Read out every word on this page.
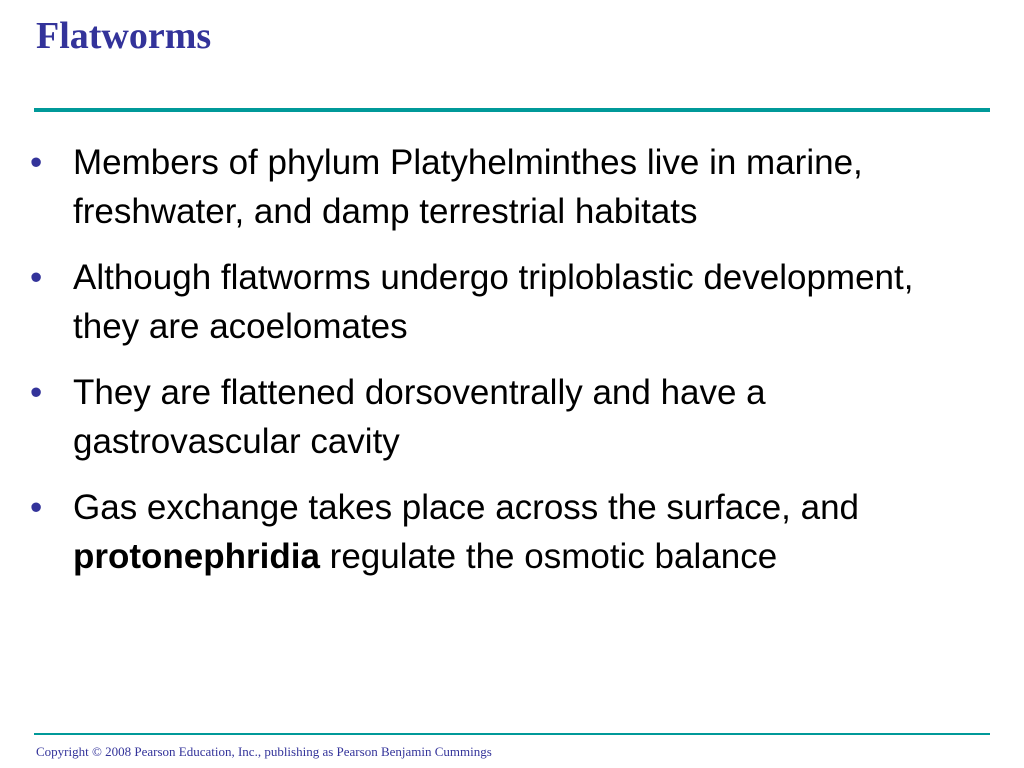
Flatworms
• Members of phylum Platyhelminthes live in marine, freshwater, and damp terrestrial habitats
• Although flatworms undergo triploblastic development, they are acoelomates
• They are flattened dorsoventrally and have a gastrovascular cavity
• Gas exchange takes place across the surface, and protonephridia regulate the osmotic balance
Copyright © 2008 Pearson Education, Inc., publishing as Pearson Benjamin Cummings
